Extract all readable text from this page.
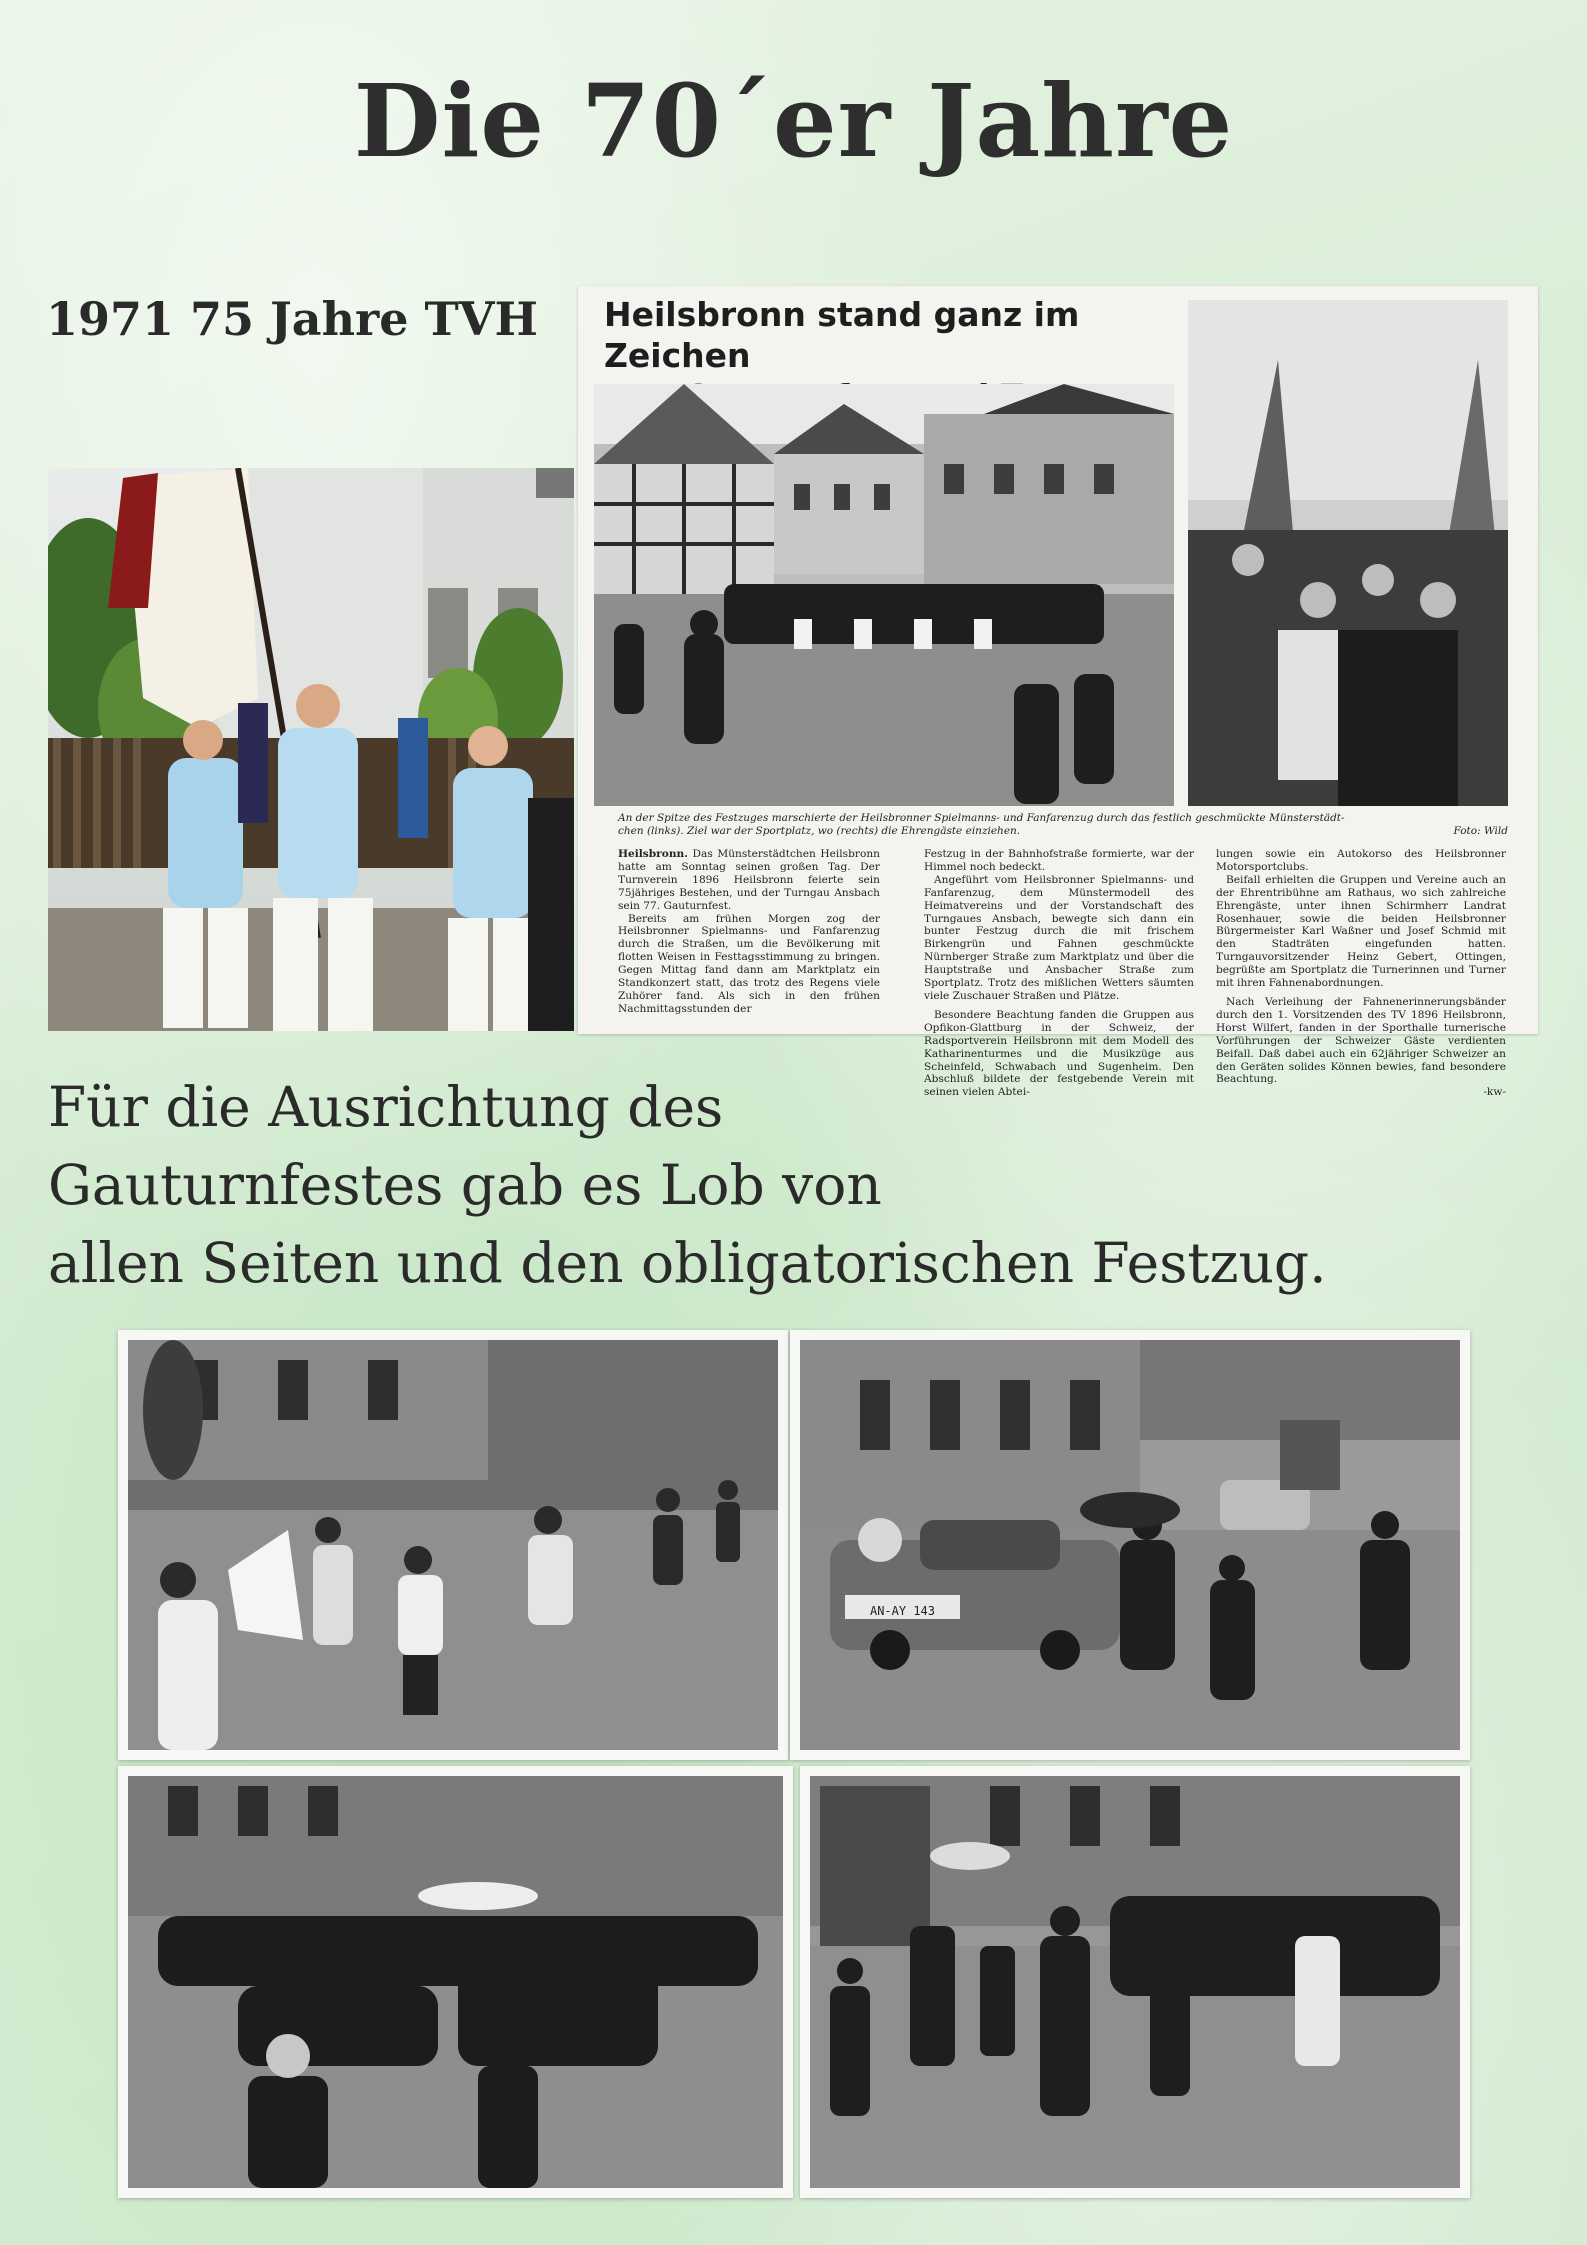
Die 70´er Jahre
1971 75 Jahre TVH Heilsbronn stand ganz im Zeichen
An der Spitze des Festzuges marschierte der Heilsbronner Spielmanns- und Fanfarenzug durch das festlich geschmückte Münsterstädt-
chen (links). Ziel war der Sportplatz, wo (rechts) die Ehrengäste einziehen.	Foto: Wild

Heilsbronn. Das Münsterstädtchen Heilsbronn hatte am Sonntag seinen großen Tag. Der Turnverein 1896 Heilsbronn feierte sein 75jähriges Bestehen, und der Turngau Ansbach sein 77. Gauturnfest.

Bereits am frühen Morgen zog der Heilsbronner Spielmanns- und Fanfarenzug durch die Straßen, um die Bevölkerung mit flotten Weisen in Festtagsstimmung zu bringen. Gegen Mittag fand dann am Marktplatz ein Standkonzert statt, das trotz des Regens viele Zuhörer fand. Als sich in den frühen Nachmittagsstunden der

Festzug in der Bahnhofstraße formierte, war der Himmel noch bedeckt.

Angeführt vom Heilsbronner Spielmanns- und Fanfarenzug, dem Münstermodell des Heimatvereins und der Vorstandschaft des Turngaues Ansbach, bewegte sich dann ein bunter Festzug durch die mit frischem Birkengrün und Fahnen geschmückte Nürnberger Straße zum Marktplatz und über die Hauptstraße und Ansbacher Straße zum Sportplatz. Trotz des mißlichen Wetters säumten viele Zuschauer Straßen und Plätze.

Besondere Beachtung fanden die Gruppen aus Opfikon-Glattburg in der Schweiz, der Radsportverein Heilsbronn mit dem Modell des Katharinenturmes und die Musikzüge aus Scheinfeld, Schwabach und Sugenheim. Den Abschluß bildete der festgebende Verein mit seinen vielen Abtei-

lungen sowie ein Autokorso des Heilsbronner Motorsportclubs.

Beifall erhielten die Gruppen und Vereine auch an der Ehrentribühne am Rathaus, wo sich zahlreiche Ehrengäste, unter ihnen Schirmherr Landrat Rosenhauer, sowie die beiden Heilsbronner Bürgermeister Karl Waßner und Josef Schmid mit den Stadträten eingefunden hatten. Turngauvorsitzender Heinz Gebert, Ottingen, begrüßte am Sportplatz die Turnerinnen und Turner mit ihren Fahnenabordnungen.

Nach Verleihung der Fahnenerinnerungsbänder durch den 1. Vorsitzenden des TV 1896 Heilsbronn, Horst Wilfert, fanden in der Sporthalle turnerische Vorführungen der Schweizer Gäste verdienten Beifall. Daß dabei auch ein 62jähriger Schweizer an den Geräten solides Können bewies, fand besondere Beachtung.

-kw-
Für die Ausrichtung des
Gauturnfestes gab es Lob von
allen Seiten und den obligatorischen Festzug.
AN-AY 143
